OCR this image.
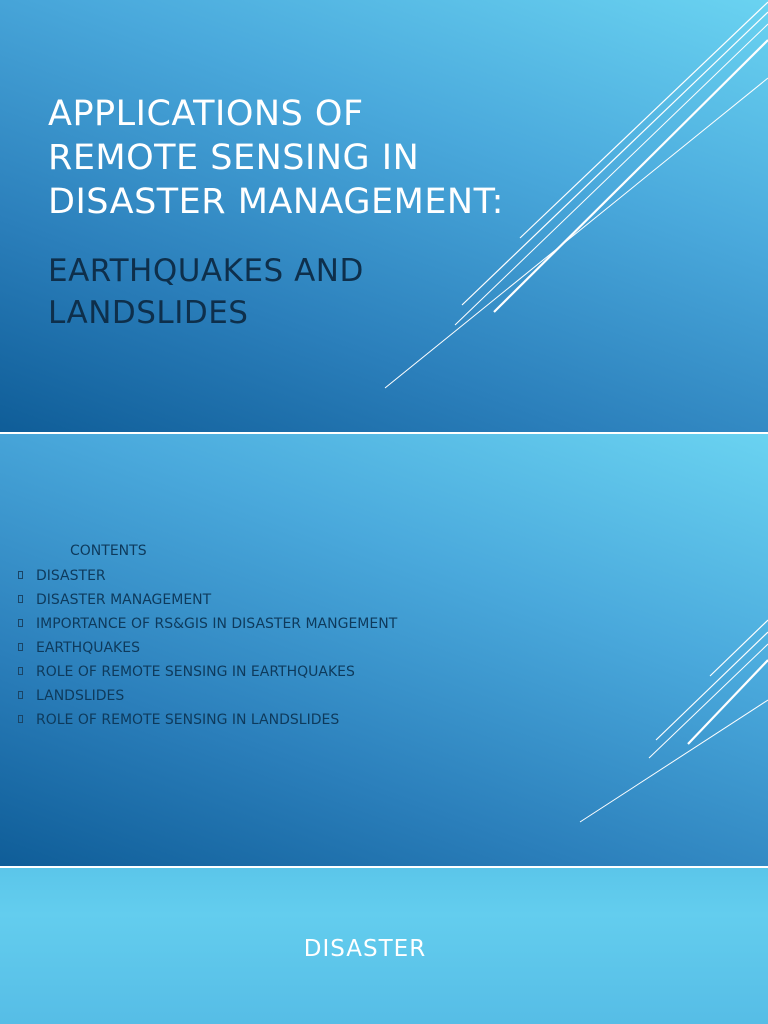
APPLICATIONS OF
REMOTE SENSING IN
DISASTER MANAGEMENT:
EARTHQUAKES AND
LANDSLIDES
CONTENTS
DISASTER
DISASTER MANAGEMENT
IMPORTANCE OF RS&GIS IN DISASTER MANGEMENT
EARTHQUAKES
ROLE OF REMOTE SENSING IN EARTHQUAKES
LANDSLIDES
ROLE OF REMOTE SENSING IN LANDSLIDES
DISASTER
